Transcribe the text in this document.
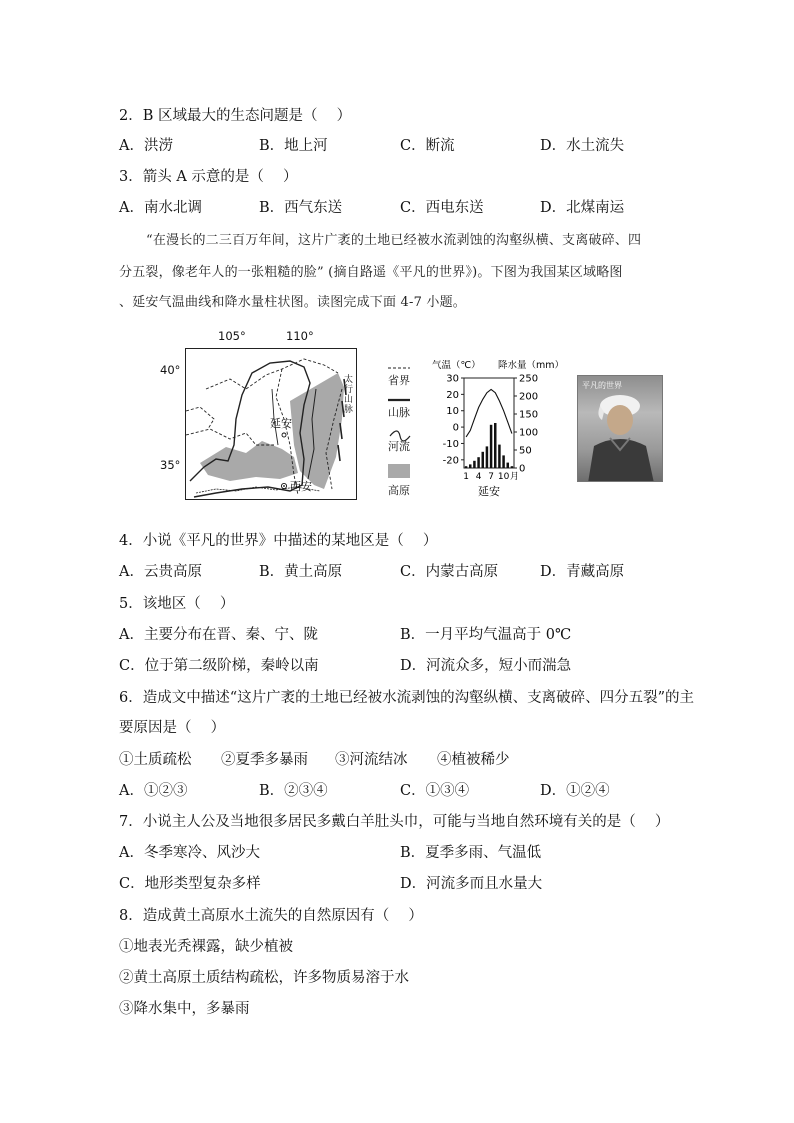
2．B 区域最大的生态问题是（　 ）
A．洪涝	B．地上河	C．断流	D．水土流失
3．箭头 A 示意的是（　 ）
A．南水北调	B．西气东送	C．西电东送	D．北煤南运
“在漫长的二三百万年间，这片广袤的土地已经被水流剥蚀的沟壑纵横、支离破碎、四
分五裂，像老年人的一张粗糙的脸” (摘自路遥《平凡的世界》)。下图为我国某区域略图
、延安气温曲线和降水量柱状图。读图完成下面 4-7 小题。
105°	110°
40°
35°
延安
西安
太行山脉
省界
山脉
河流
高原
气温（℃） 降水量（mm）
30
20
10
0
-10
-20
250
200
150
100
50
0
1 4 7 10 月
延安
平凡的世界
4．小说《平凡的世界》中描述的某地区是（　 ）
A．云贵高原	B．黄土高原	C．内蒙古高原	D．青藏高原
5．该地区（　 ）
A．主要分布在晋、秦、宁、陇	B．一月平均气温高于 0℃
C．位于第二级阶梯，秦岭以南	D．河流众多，短小而湍急
6．造成文中描述“这片广袤的土地已经被水流剥蚀的沟壑纵横、支离破碎、四分五裂”的主
要原因是（　 ）
①土质疏松 ②夏季多暴雨 ③河流结冰 ④植被稀少
A．①②③	B．②③④	C．①③④	D．①②④
7．小说主人公及当地很多居民多戴白羊肚头巾，可能与当地自然环境有关的是（　 ）
A．冬季寒冷、风沙大	B．夏季多雨、气温低
C．地形类型复杂多样	D．河流多而且水量大
8．造成黄土高原水土流失的自然原因有（　 ）
①地表光秃裸露，缺少植被
②黄土高原土质结构疏松，许多物质易溶于水
③降水集中，多暴雨
